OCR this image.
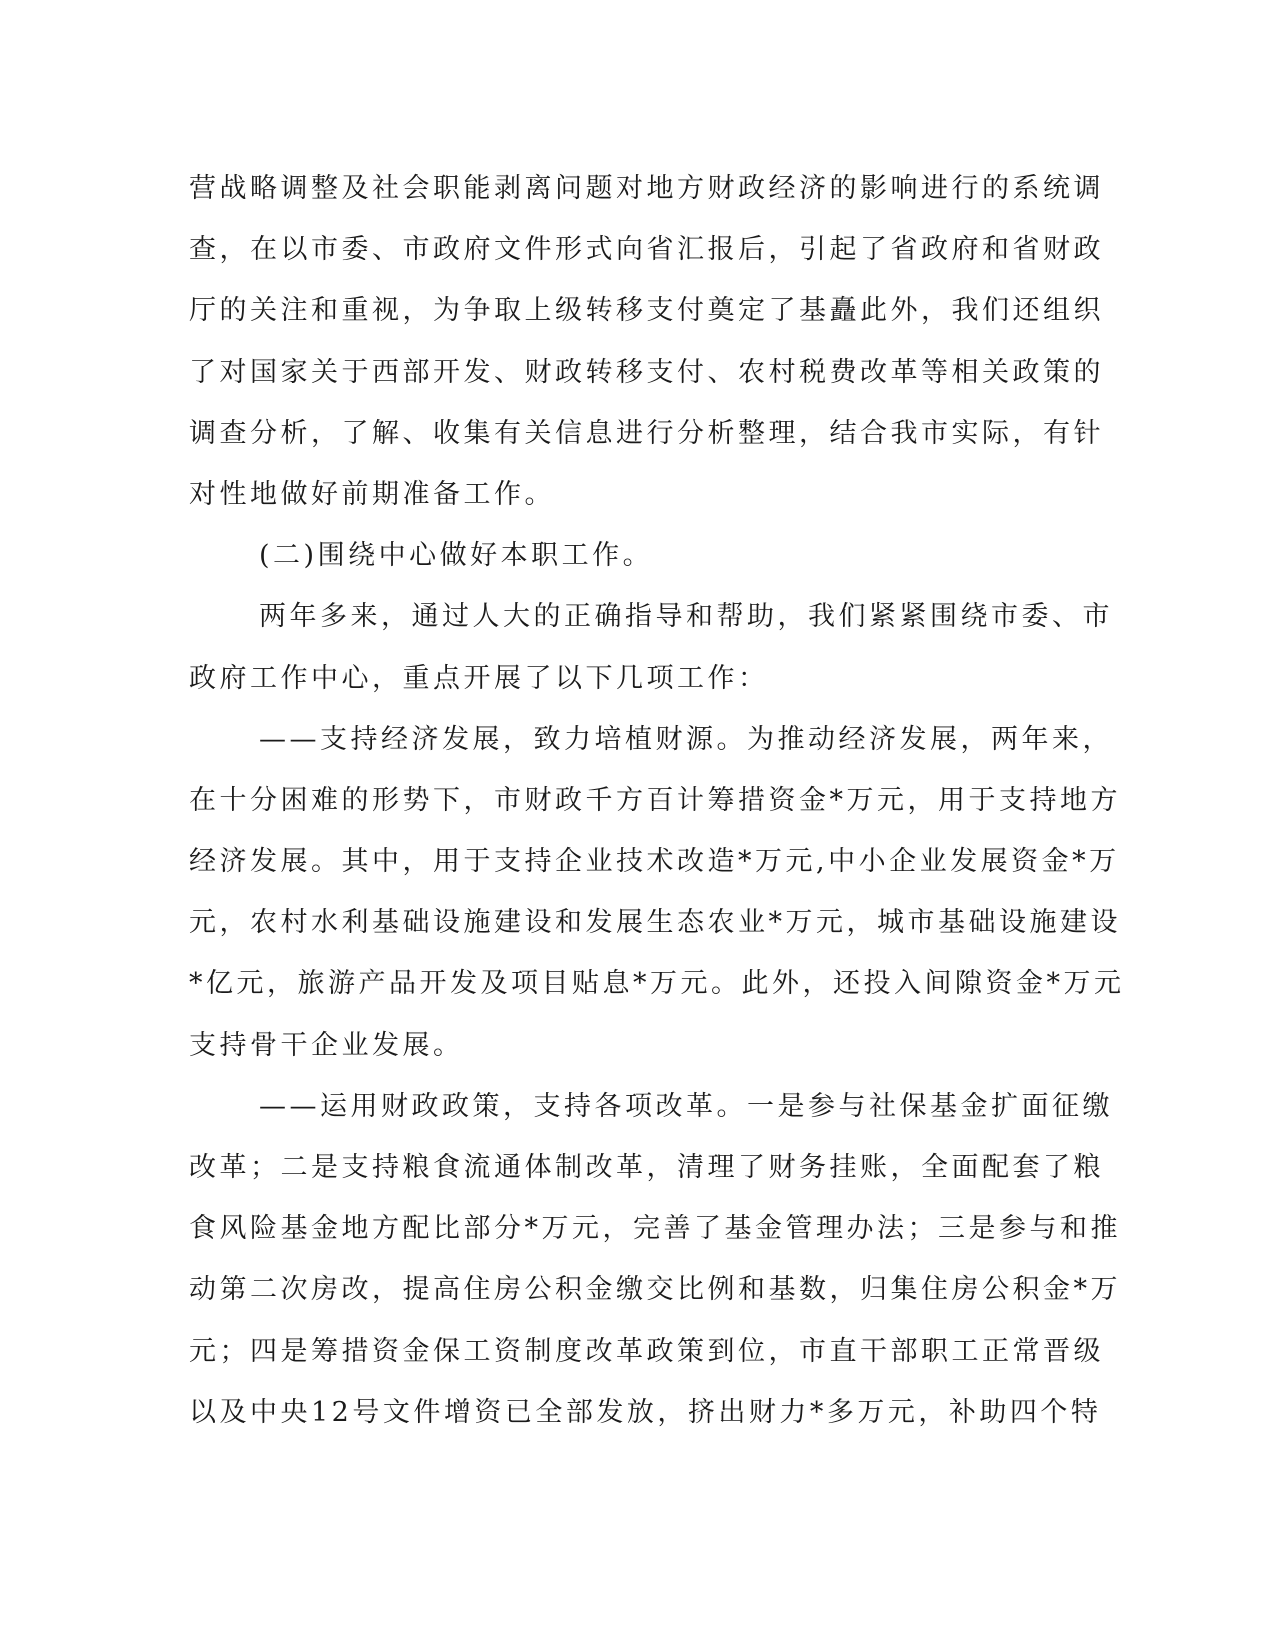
营战略调整及社会职能剥离问题对地方财政经济的影响进行的系统调
查，在以市委、市政府文件形式向省汇报后，引起了省政府和省财政
厅的关注和重视，为争取上级转移支付奠定了基矗此外，我们还组织
了对国家关于西部开发、财政转移支付、农村税费改革等相关政策的
调查分析，了解、收集有关信息进行分析整理，结合我市实际，有针
对性地做好前期准备工作。
(二)围绕中心做好本职工作。
两年多来，通过人大的正确指导和帮助，我们紧紧围绕市委、市
政府工作中心，重点开展了以下几项工作：
——支持经济发展，致力培植财源。为推动经济发展，两年来，
在十分困难的形势下，市财政千方百计筹措资金*万元，用于支持地方
经济发展。其中，用于支持企业技术改造*万元,中小企业发展资金*万
元，农村水利基础设施建设和发展生态农业*万元，城市基础设施建设
*亿元，旅游产品开发及项目贴息*万元。此外，还投入间隙资金*万元
支持骨干企业发展。
——运用财政政策，支持各项改革。一是参与社保基金扩面征缴
改革；二是支持粮食流通体制改革，清理了财务挂账，全面配套了粮
食风险基金地方配比部分*万元，完善了基金管理办法；三是参与和推
动第二次房改，提高住房公积金缴交比例和基数，归集住房公积金*万
元；四是筹措资金保工资制度改革政策到位，市直干部职工正常晋级
以及中央12号文件增资已全部发放，挤出财力*多万元，补助四个特
